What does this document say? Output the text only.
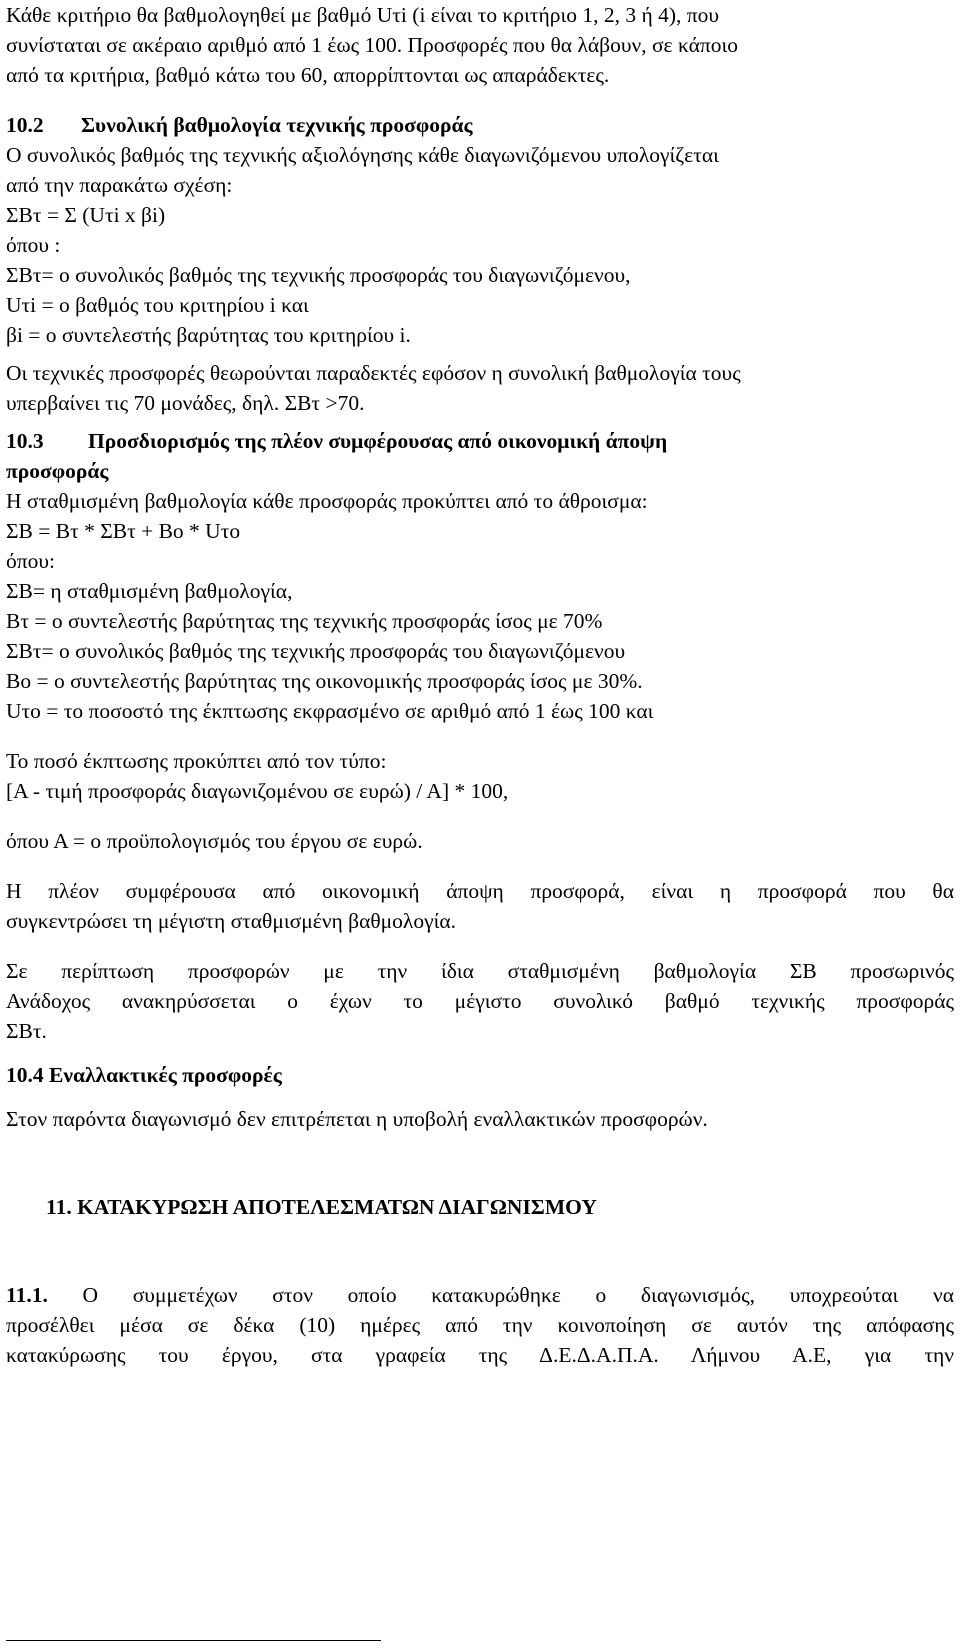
Κάθε κριτήριο θα βαθμολογηθεί με βαθμό Uτi (i είναι το κριτήριο 1, 2, 3 ή 4), που
συνίσταται σε ακέραιο αριθμό από 1 έως 100. Προσφορές που θα λάβουν, σε κάποιο
από τα κριτήρια, βαθμό κάτω του 60, απορρίπτονται ως απαράδεκτες.
10.2 Συνολική βαθμολογία τεχνικής προσφοράς
Ο συνολικός βαθμός της τεχνικής αξιολόγησης κάθε διαγωνιζόμενου υπολογίζεται
από την παρακάτω σχέση:
ΣΒτ = Σ (Uτi x βi)
όπου :
ΣΒτ= ο συνολικός βαθμός της τεχνικής προσφοράς του διαγωνιζόμενου,
Uτi = ο βαθμός του κριτηρίου i και
βi = ο συντελεστής βαρύτητας του κριτηρίου i.
Οι τεχνικές προσφορές θεωρούνται παραδεκτές εφόσον η συνολική βαθμολογία τους
υπερβαίνει τις 70 μονάδες, δηλ. ΣΒτ >70.
10.3 Προσδιορισμός της πλέον συμφέρουσας από οικονομική άποψη
προσφοράς
Η σταθμισμένη βαθμολογία κάθε προσφοράς προκύπτει από το άθροισμα:
ΣΒ = Βτ * ΣΒτ + Βο * Uτο
όπου:
ΣΒ= η σταθμισμένη βαθμολογία,
Βτ = ο συντελεστής βαρύτητας της τεχνικής προσφοράς ίσος με 70%
ΣΒτ= ο συνολικός βαθμός της τεχνικής προσφοράς του διαγωνιζόμενου
Βο = ο συντελεστής βαρύτητας της οικονομικής προσφοράς ίσος με 30%.
Uτο = το ποσοστό της έκπτωσης εκφρασμένο σε αριθμό από 1 έως 100 και
Το ποσό έκπτωσης προκύπτει από τον τύπο:
[Α - τιμή προσφοράς διαγωνιζομένου σε ευρώ) / Α] * 100,
όπου Α = ο προϋπολογισμός του έργου σε ευρώ.
Η πλέον συμφέρουσα από οικονομική άποψη προσφορά, είναι η προσφορά που θα
συγκεντρώσει τη μέγιστη σταθμισμένη βαθμολογία.
Σε περίπτωση προσφορών με την ίδια σταθμισμένη βαθμολογία ΣΒ προσωρινός
Ανάδοχος ανακηρύσσεται ο έχων το μέγιστο συνολικό βαθμό τεχνικής προσφοράς
ΣΒτ.
10.4 Εναλλακτικές προσφορές
Στον παρόντα διαγωνισμό δεν επιτρέπεται η υποβολή εναλλακτικών προσφορών.
11. ΚΑΤΑΚΥΡΩΣΗ ΑΠΟΤΕΛΕΣΜΑΤΩΝ ΔΙΑΓΩΝΙΣΜΟΥ
11.1. Ο συμμετέχων στον οποίο κατακυρώθηκε ο διαγωνισμός, υποχρεούται να
προσέλθει μέσα σε δέκα (10) ημέρες από την κοινοποίηση σε αυτόν της απόφασης
κατακύρωσης του έργου, στα γραφεία της Δ.Ε.Δ.Α.Π.Α. Λήμνου Α.Ε, για την
